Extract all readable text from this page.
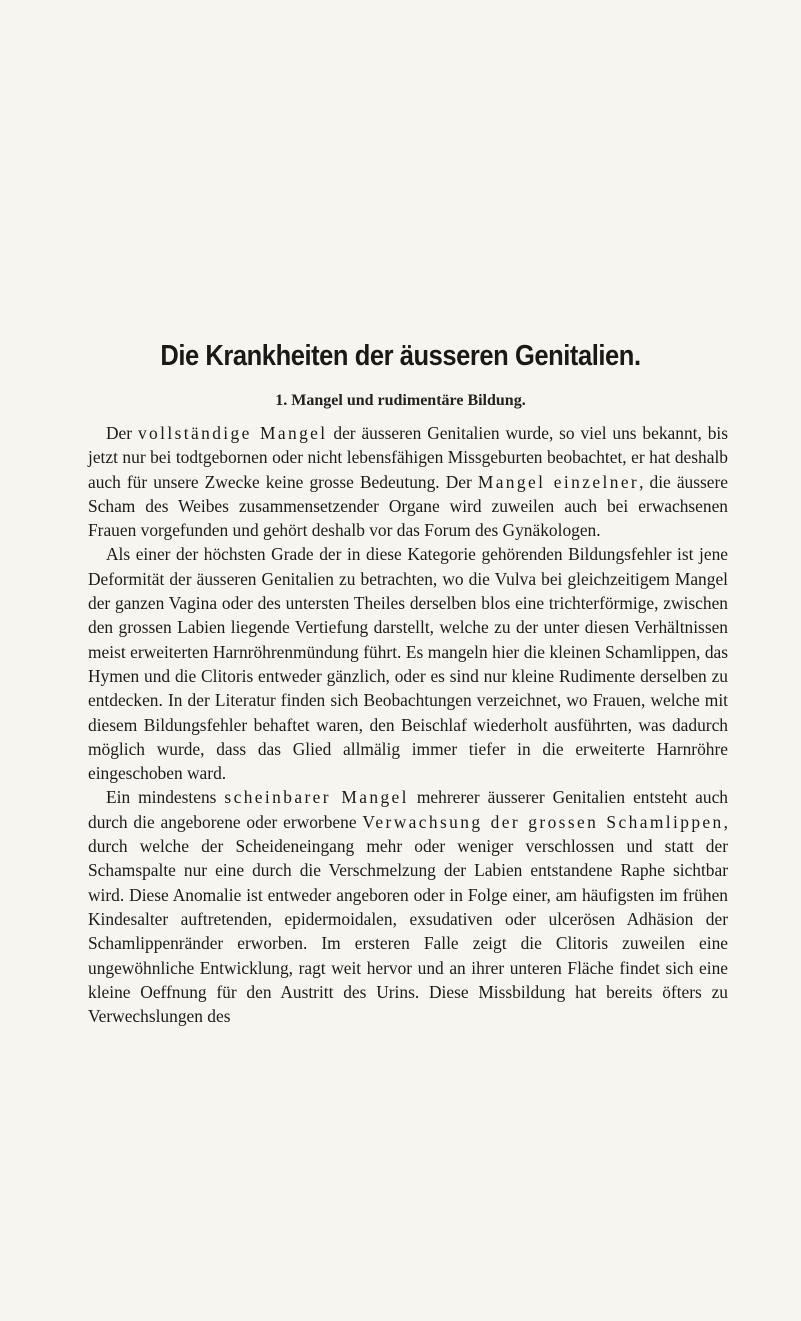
Die Krankheiten der äusseren Genitalien.
1. Mangel und rudimentäre Bildung.

Der vollständige Mangel der äusseren Genitalien wurde, so viel uns bekannt, bis jetzt nur bei todtgebornen oder nicht lebensfähigen Missgeburten beobachtet, er hat deshalb auch für unsere Zwecke keine grosse Bedeutung. Der Mangel einzelner, die äussere Scham des Weibes zusammensetzender Organe wird zuweilen auch bei erwachsenen Frauen vorgefunden und gehört deshalb vor das Forum des Gynäkologen.

Als einer der höchsten Grade der in diese Kategorie gehörenden Bildungsfehler ist jene Deformität der äusseren Genitalien zu betrachten, wo die Vulva bei gleichzeitigem Mangel der ganzen Vagina oder des untersten Theiles derselben blos eine trichterförmige, zwischen den grossen Labien liegende Vertiefung darstellt, welche zu der unter diesen Verhältnissen meist erweiterten Harnröhrenmündung führt. Es mangeln hier die kleinen Schamlippen, das Hymen und die Clitoris entweder gänzlich, oder es sind nur kleine Rudimente derselben zu entdecken. In der Literatur finden sich Beobachtungen verzeichnet, wo Frauen, welche mit diesem Bildungsfehler behaftet waren, den Beischlaf wiederholt ausführten, was dadurch möglich wurde, dass das Glied allmälig immer tiefer in die erweiterte Harnröhre eingeschoben ward.

Ein mindestens scheinbarer Mangel mehrerer äusserer Genitalien entsteht auch durch die angeborene oder erworbene Verwachsung der grossen Schamlippen, durch welche der Scheideneingang mehr oder weniger verschlossen und statt der Schamspalte nur eine durch die Verschmelzung der Labien entstandene Raphe sichtbar wird. Diese Anomalie ist entweder angeboren oder in Folge einer, am häufigsten im frühen Kindesalter auftretenden, epidermoidalen, exsudativen oder ulcerösen Adhäsion der Schamlippenränder erworben. Im ersteren Falle zeigt die Clitoris zuweilen eine ungewöhnliche Entwicklung, ragt weit hervor und an ihrer unteren Fläche findet sich eine kleine Oeffnung für den Austritt des Urins. Diese Missbildung hat bereits öfters zu Verwechslungen des
